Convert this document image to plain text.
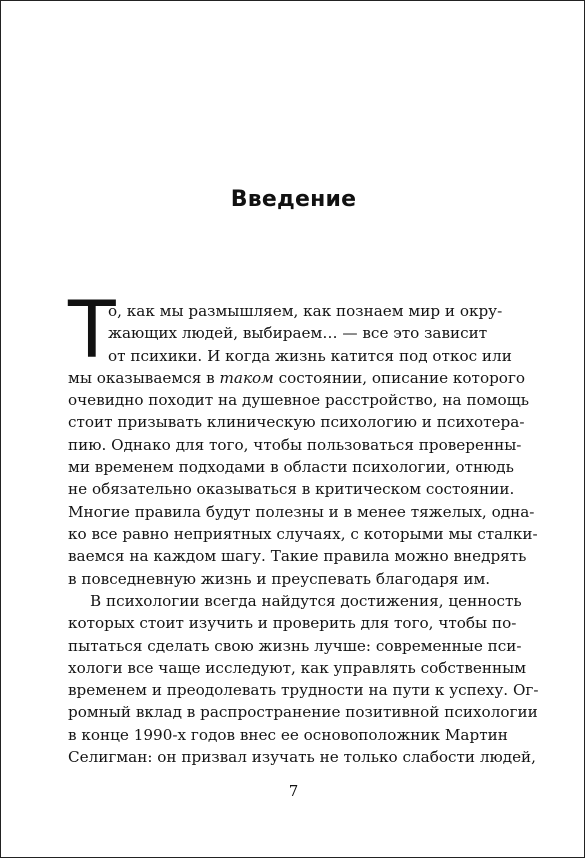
Введение
Т
о, как мы размышляем, как познаем мир и окру-
жающих людей, выбираем… — все это зависит
от психики. И когда жизнь катится под откос или
мы оказываемся в таком состоянии, описание которого
очевидно походит на душевное расстройство, на помощь
стоит призывать клиническую психологию и психотера-
пию. Однако для того, чтобы пользоваться проверенны-
ми временем подходами в области психологии, отнюдь
не обязательно оказываться в критическом состоянии.
Многие правила будут полезны и в менее тяжелых, одна-
ко все равно неприятных случаях, с которыми мы сталки-
ваемся на каждом шагу. Такие правила можно внедрять
в повседневную жизнь и преуспевать благодаря им.
В психологии всегда найдутся достижения, ценность
которых стоит изучить и проверить для того, чтобы по-
пытаться сделать свою жизнь лучше: современные пси-
хологи все чаще исследуют, как управлять собственным
временем и преодолевать трудности на пути к успеху. Ог-
ромный вклад в распространение позитивной психологии
в конце 1990-х годов внес ее основоположник Мартин
Селигман: он призвал изучать не только слабости людей,
7
